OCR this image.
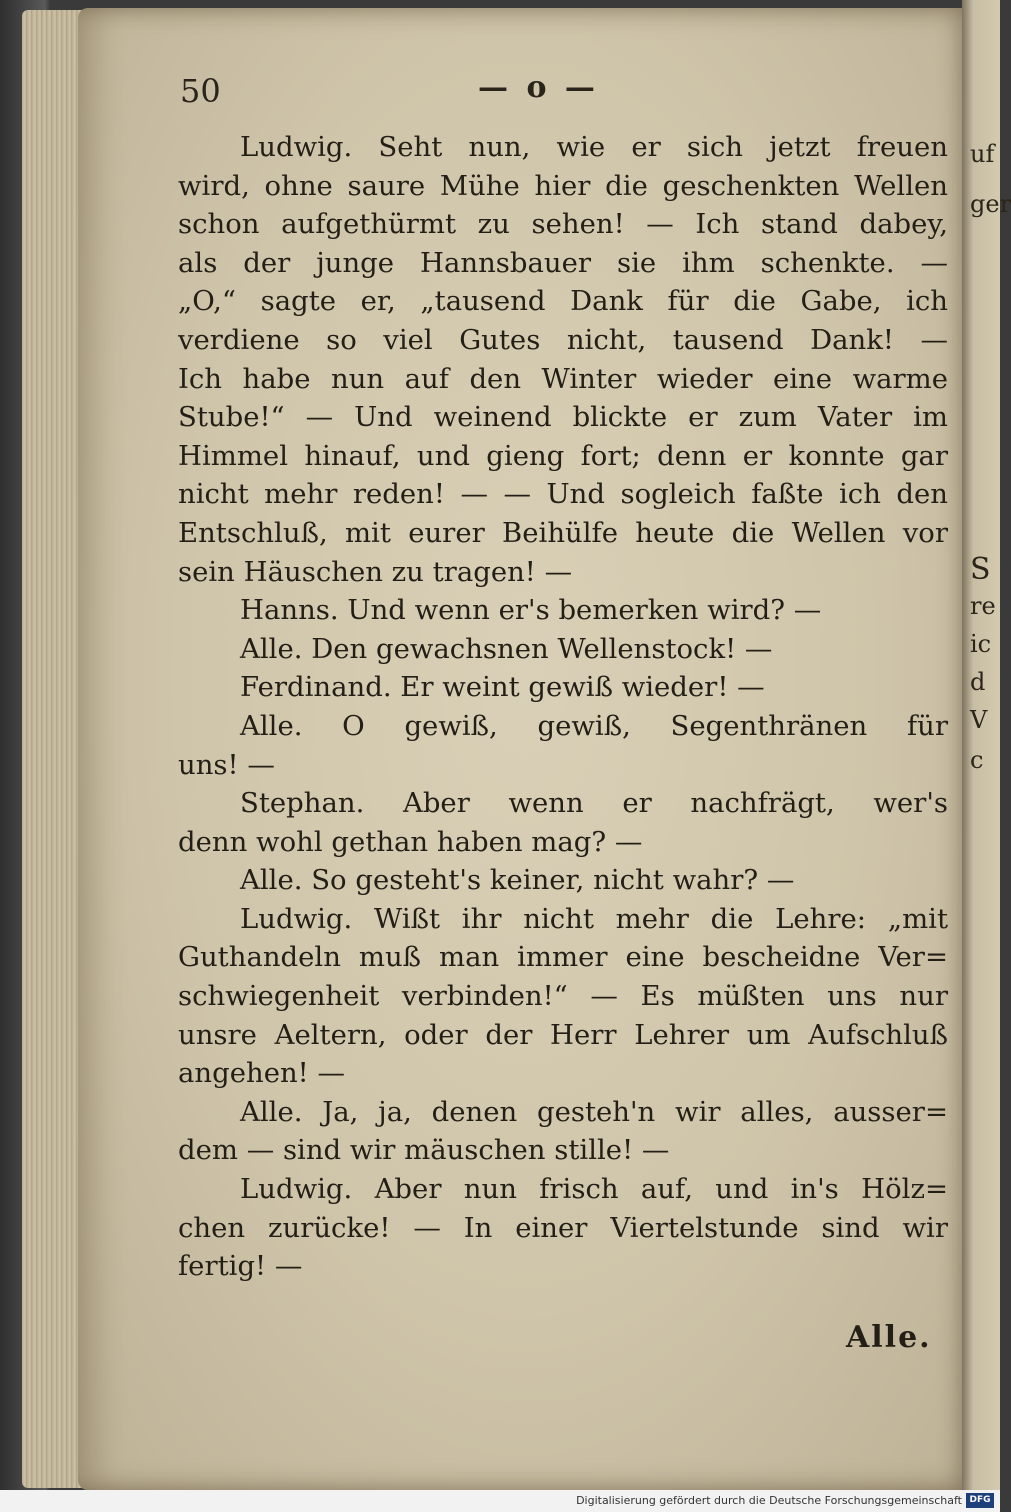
uf
ger
S
re
ic
d
V
c
50	— o —
Ludwig. Seht nun, wie er sich jetzt freuen
wird, ohne saure Mühe hier die geschenkten Wellen
schon aufgethürmt zu sehen! — Ich stand dabey,
als der junge Hannsbauer sie ihm schenkte. —
„O,“ sagte er, „tausend Dank für die Gabe, ich
verdiene so viel Gutes nicht, tausend Dank! —
Ich habe nun auf den Winter wieder eine warme
Stube!“ — Und weinend blickte er zum Vater im
Himmel hinauf, und gieng fort; denn er konnte gar
nicht mehr reden! — — Und sogleich faßte ich den
Entschluß, mit eurer Beihülfe heute die Wellen vor
sein Häuschen zu tragen! —
Hanns. Und wenn er's bemerken wird? —
Alle. Den gewachsnen Wellenstock! —
Ferdinand. Er weint gewiß wieder! —
Alle. O gewiß, gewiß, Segenthränen für
uns! —
Stephan. Aber wenn er nachfrägt, wer's
denn wohl gethan haben mag? —
Alle. So gesteht's keiner, nicht wahr? —
Ludwig. Wißt ihr nicht mehr die Lehre: „mit
Guthandeln muß man immer eine bescheidne Ver=
schwiegenheit verbinden!“ — Es müßten uns nur
unsre Aeltern, oder der Herr Lehrer um Aufschluß
angehen! —
Alle. Ja, ja, denen gesteh'n wir alles, ausser=
dem — sind wir mäuschen stille! —
Ludwig. Aber nun frisch auf, und in's Hölz=
chen zurücke! — In einer Viertelstunde sind wir
fertig! —
Alle.
Digitalisierung gefördert durch die Deutsche Forschungsgemeinschaft DFG
